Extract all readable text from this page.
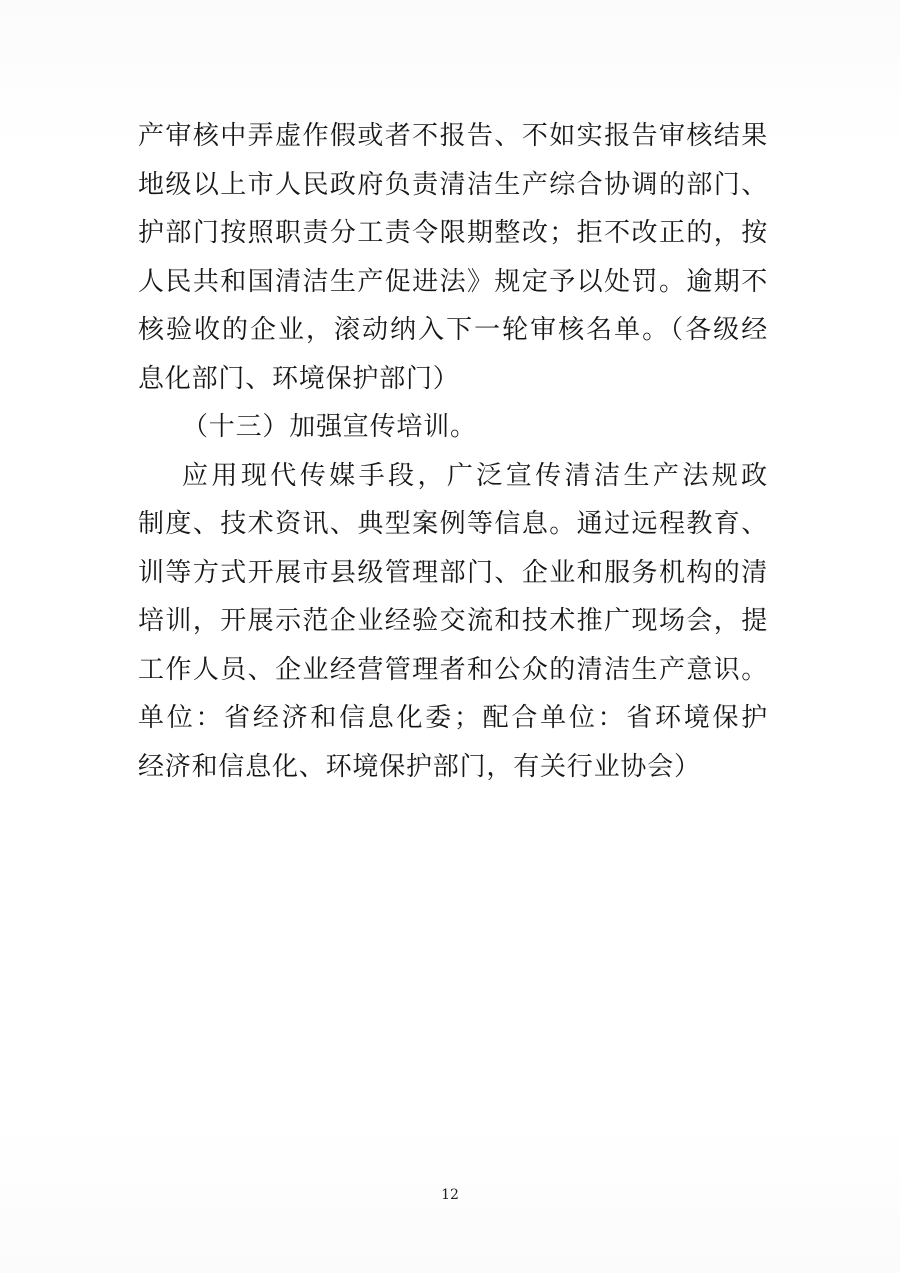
产审核中弄虚作假或者不报告、不如实报告审核结果
地级以上市人民政府负责清洁生产综合协调的部门、
护部门按照职责分工责令限期整改；拒不改正的，按
人民共和国清洁生产促进法》规定予以处罚。逾期不
核验收的企业，滚动纳入下一轮审核名单。（各级经
息化部门、环境保护部门）
（十三）加强宣传培训。
应用现代传媒手段，广泛宣传清洁生产法规政
制度、技术资讯、典型案例等信息。通过远程教育、
训等方式开展市县级管理部门、企业和服务机构的清
培训，开展示范企业经验交流和技术推广现场会，提
工作人员、企业经营管理者和公众的清洁生产意识。
单位：省经济和信息化委；配合单位：省环境保护
经济和信息化、环境保护部门，有关行业协会）
12
